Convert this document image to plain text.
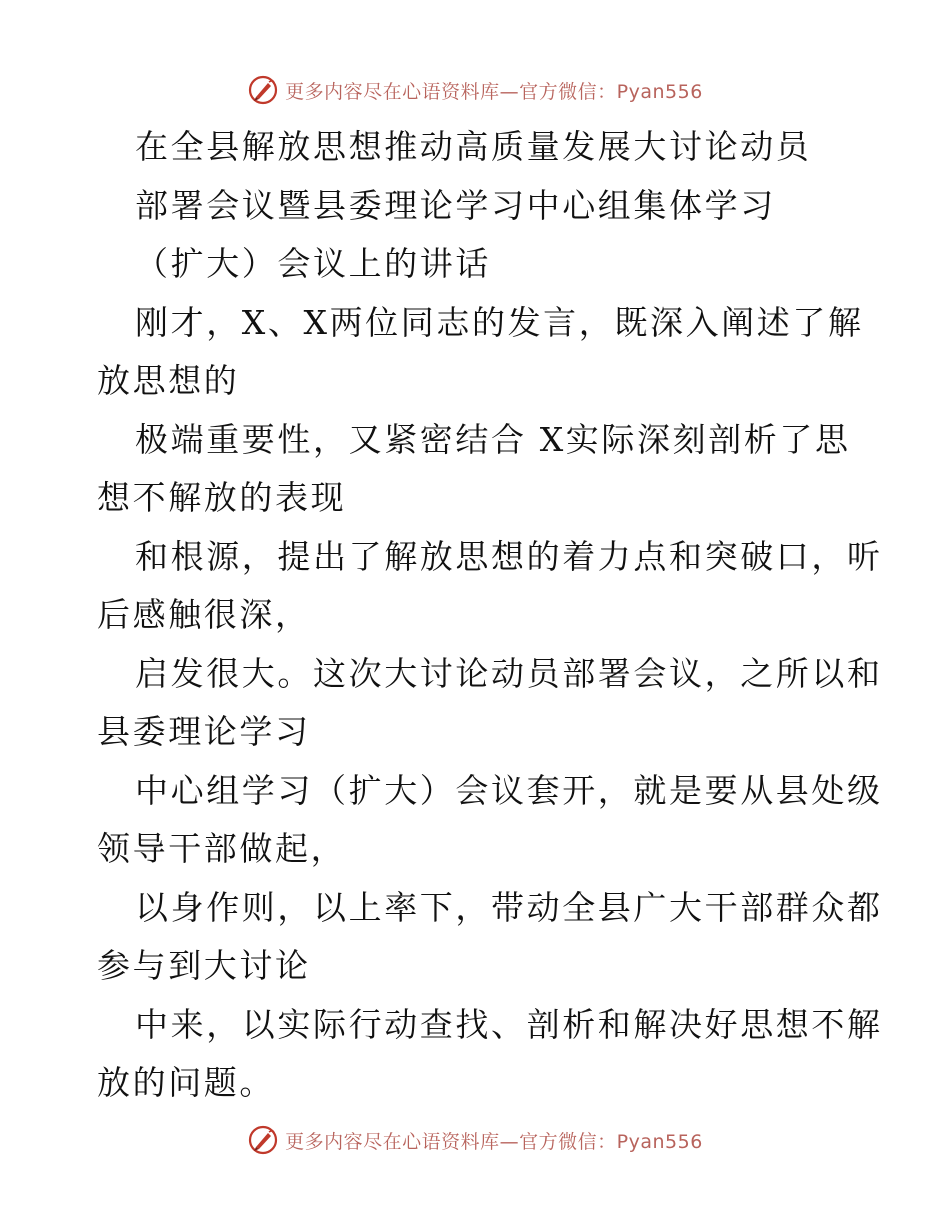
更多内容尽在心语资料库—官方微信：Pyan556
在全县解放思想推动高质量发展大讨论动员
部署会议暨县委理论学习中心组集体学习
（扩大）会议上的讲话
刚才，X、X两位同志的发言，既深入阐述了解
放思想的
极端重要性，又紧密结合 X实际深刻剖析了思
想不解放的表现
和根源，提出了解放思想的着力点和突破口，听
后感触很深，
启发很大。这次大讨论动员部署会议，之所以和
县委理论学习
中心组学习（扩大）会议套开，就是要从县处级
领导干部做起，
以身作则，以上率下，带动全县广大干部群众都
参与到大讨论
中来，以实际行动查找、剖析和解决好思想不解
放的问题。
更多内容尽在心语资料库—官方微信：Pyan556
